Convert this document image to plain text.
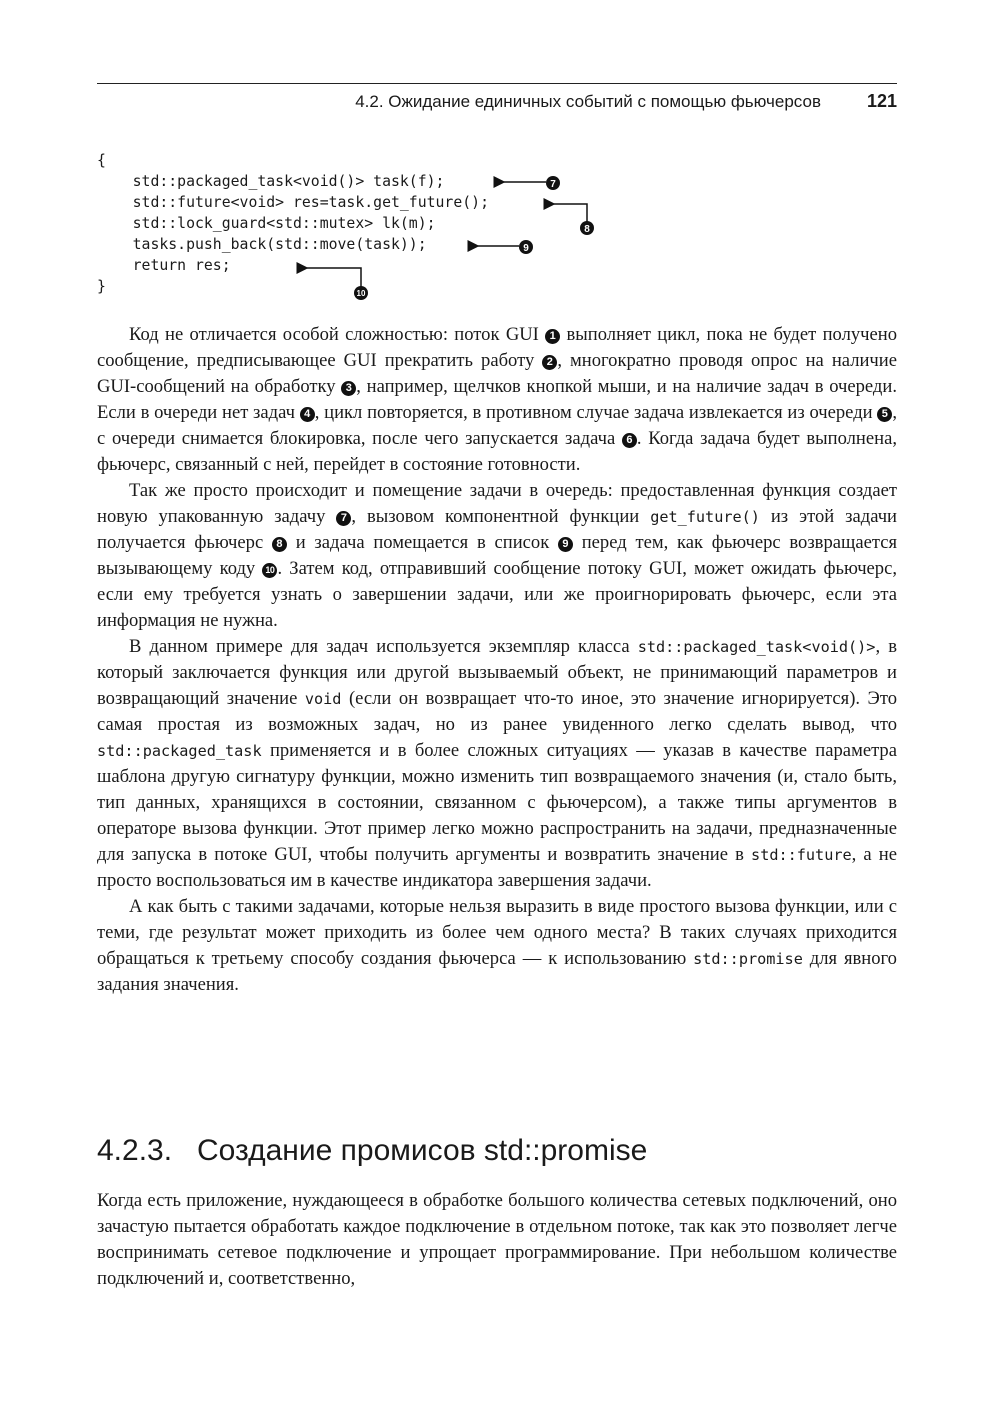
4.2. Ожидание единичных событий с помощью фьючерсов	121
{
std::packaged_task<void()> task(f);
std::future<void> res=task.get_future();
std::lock_guard<std::mutex> lk(m);
tasks.push_back(std::move(task));
return res;
}
7
8
9
10

Код не отличается особой сложностью: поток GUI 1 выполняет цикл, пока не будет получено сообщение, предписывающее GUI прекратить работу 2 , многократно проводя опрос на наличие GUI-сообщений на обработку 3 , например, щелчков кнопкой мыши, и на наличие задач в очереди. Если в очереди нет задач 4 , цикл повторяется, в противном случае задача извлекается из очереди 5 , с очереди снимается блокировка, после чего запускается задача 6 . Когда задача будет выполнена, фьючерс, связанный с ней, перейдет в состояние готовности.

Так же просто происходит и помещение задачи в очередь: предоставленная функция создает новую упакованную задачу 7 , вызовом компонентной функции get_future() из этой задачи получается фьючерс 8 и задача помещается в список 9 перед тем, как фьючерс возвращается вызывающему коду 10 . Затем код, отправивший сообщение потоку GUI, может ожидать фьючерс, если ему требуется узнать о завершении задачи, или же проигнорировать фьючерс, если эта информация не нужна.

В данном примере для задач используется экземпляр класса std::packaged_task<void()>, в который заключается функция или другой вызываемый объект, не принимающий параметров и возвращающий значение void (если он возвращает что-то иное, это значение игнорируется). Это самая простая из возможных задач, но из ранее увиденного легко сделать вывод, что std::packaged_task применяется и в более сложных ситуациях — указав в качестве параметра шаблона другую сигнатуру функции, можно изменить тип возвращаемого значения (и, стало быть, тип данных, хранящихся в состоянии, связанном с фьючерсом), а также типы аргументов в операторе вызова функции. Этот пример легко можно распространить на задачи, предназначенные для запуска в потоке GUI, чтобы получить аргументы и возвратить значение в std::future, а не просто воспользоваться им в качестве индикатора завершения задачи.

А как быть с такими задачами, которые нельзя выразить в виде простого вызова функции, или с теми, где результат может приходить из более чем одного места? В таких случаях приходится обращаться к третьему способу создания фьючерса — к использованию std::promise для явного задания значения.

4.2.3. Создание промисов std::promise

Когда есть приложение, нуждающееся в обработке большого количества сетевых подключений, оно зачастую пытается обработать каждое подключение в отдельном потоке, так как это позволяет легче воспринимать сетевое подключение и упрощает программирование. При небольшом количестве подключений и, соответственно,
